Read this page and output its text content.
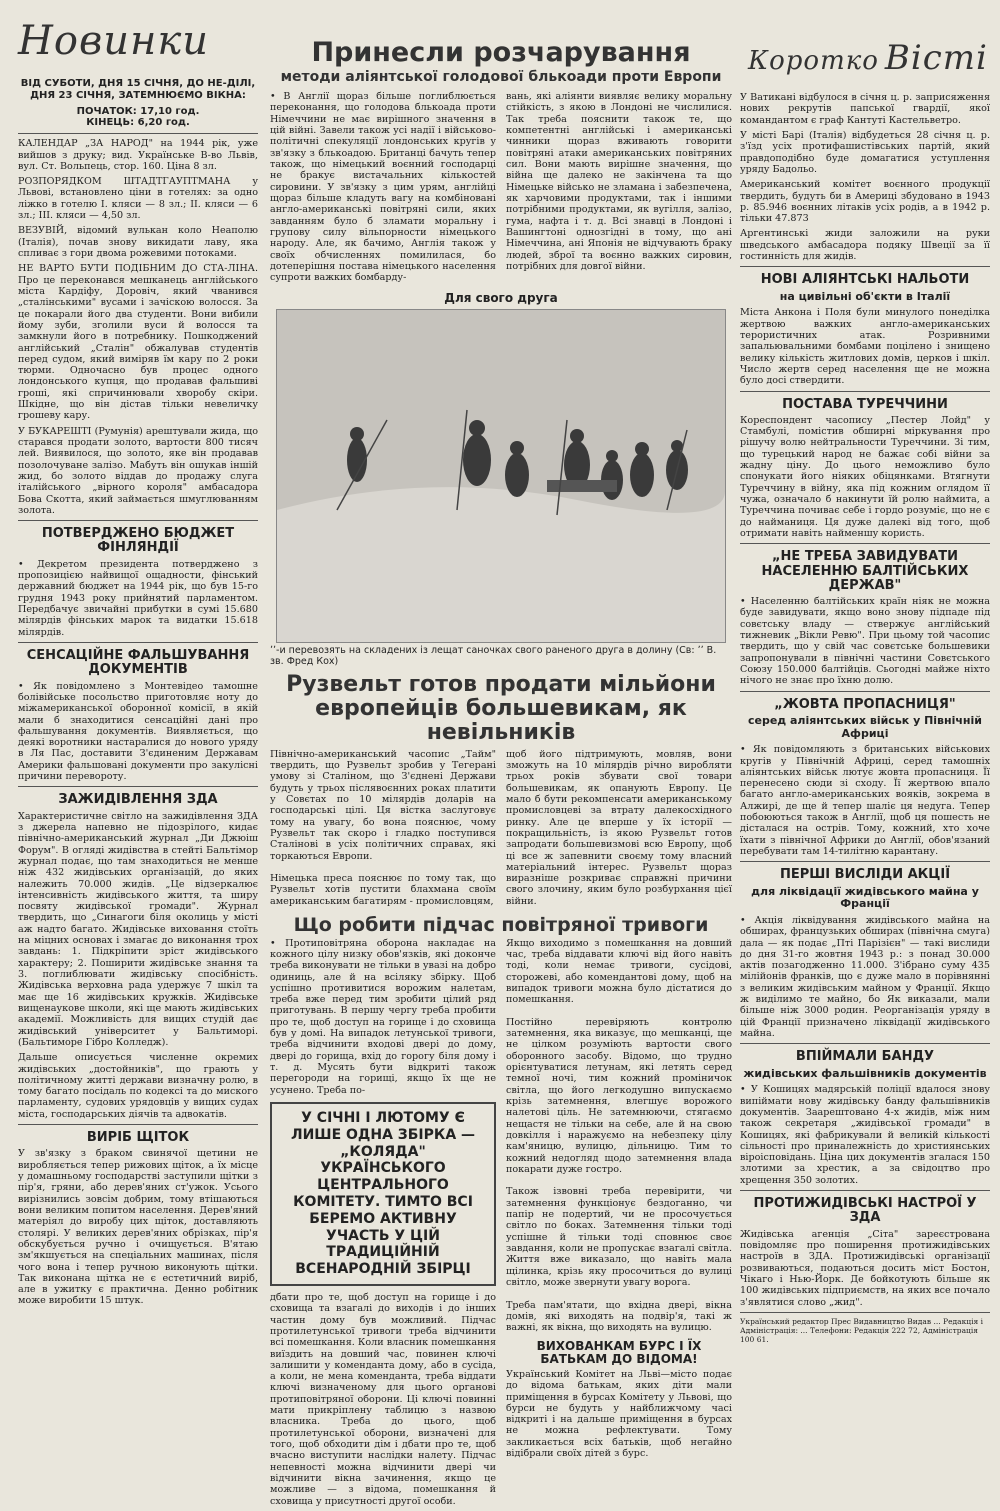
Новинки

ВІД СУБОТИ, ДНЯ 15 СІЧНЯ, ДО НЕ-ДІЛІ, ДНЯ 23 СІЧНЯ, ЗАТЕМНЮЄМО ВІКНА:

ПОЧАТОК: 17,10 год.

КІНЕЦЬ: 6,20 год.

КАЛЕНДАР „ЗА НАРОД" на 1944 рік, уже вийшов з друку; вид. Українське В-во Львів, вул. Ст. Вольпець, стор. 160. Ціна 8 зл.

РОЗПОРЯДКОМ ШТАДТГАУПТМАНА у Львові, встановлено ціни в готелях: за одно ліжко в готелю І. кляси — 8 зл.; ІІ. кляси — 6 зл.; ІІІ. кляси — 4,50 зл.

ВЕЗУВІЙ, відомий вулькан коло Неаполю (Італія), почав знову викидати лаву, яка спливає з гори двома рожевими потоками.

НЕ ВАРТО БУТИ ПОДІБНИМ ДО СТА-ЛІНА. Про це переконався мешканець англійського міста Кардіфу, Доровіч, який чванився „сталінськими" вусами і зачіскою волосся. За це покарали його два студенти. Вони вибили йому зуби, зголили вуси й волосся та замкнули його в потребнику. Пошкоджений англійський „Сталін" обжалував студентів перед судом, який виміряв їм кару по 2 роки тюрми. Одночасно був процес одного лондонського купця, що продавав фальшиві гроші, які спричинювали хворобу скіри. Шкідне, що він дістав тільки невеличку грошеву кару.

У БУКАРЕШТІ (Румунія) арештували жида, що старався продати золото, вартости 800 тисяч лей. Виявилося, що золото, яке він продавав позолочуване залізо. Мабуть він ошукав іншій жид, бо золото віддав до продажу слуга італійського „вірного короля" амбасадора Бова Скотта, який займається шмуглюванням золота.

ПОТВЕРДЖЕНО БЮДЖЕТ ФІНЛЯНДІЇ

• Декретом президента потверджено з пропозицією найвищої ощадности, фінський державний бюджет на 1944 рік, що був 15-го грудня 1943 року прийнятий парламентом. Передбачує звичайні прибутки в сумі 15.680 мілярдів фінських марок та видатки 15.618 мілярдів.

СЕНСАЦІЙНЕ ФАЛЬШУВАННЯ ДОКУМЕНТІВ

• Як повідомлено з Монтевідео тамошне болівійське посольство приготовляє ноту до міжамериканської оборонної комісії, в якій мали б знаходитися сенсаційні дані про фальшування документів. Виявляється, що деякі воротники настаралися до нового уряду в Ля Пас, доставити З'єдиненим Державам Америки фальшовані документи про закулісні причини перевороту.

ЗАЖИДІВЛЕННЯ ЗДА

Характеристичне світло на зажидівлення ЗДА з джерела напевно не підозрілого, кидає північно-американський журнал „Ди Джюіш Форум". В огляді жидівства в стейті Бальтімор журнал подає, що там знаходиться не менше ніж 432 жидівських організацій, до яких належить 70.000 жидів. „Це відзеркалює інтенсивність жидівського життя, та ширу посвяту жидівської громади". Журнал твердить, що „Синагоги біля околиць у місті аж надто багато. Жидівське виховання стоїть на міцних основах і змагає до виконання трох завдань: 1. Підкріпити зріст жидівського характеру; 2. Поширити жидівське знання та 3. поглиблювати жидівську спосібність. Жидівська верховна рада удержує 7 шкіл та має ще 16 жидівських кружків. Жидівське вищенаукове школи, які ще мають жидівських академії. Можливість для вищих студій дає жидівський університет у Бальтиморі. (Бальтиморе Гібро Колледж).

Дальше описується численне окремих жидівських „достойників", що грають у політичному житті держави визначну ролю, в тому багато посідаль по кодексі та до миского парламенту, судових урядовців у вищих судах міста, господарських діячів та адвокатів.

ВИРІБ ЩІТОК

У зв'язку з браком свинячої щетини не виробляється тепер рижових щіток, а їх місце у домашньому господарстві заступили щітки з пір'я, гряни, або дерев'яних ст'ужок. Усього вирізнились зовсім добрим, тому втішаються вони великим попитом населення. Дерев'яний матеріял до виробу цих щіток, доставляють столярі. У великих дерев'яних обрізках, пір'я обскубується ручно і очищується. В'ятаю зм'якшується на спеціальних машинах, після чого вона і тепер ручною виконують щітки. Так виконана щітка не є естетичний виріб, але в ужитку є практична. Денно робітник може виробити 15 штук.

Принесли розчарування
методи аліянтської голодової блькоади проти Европи

• В Англії щораз більше поглиблюється переконання, що голодова блькоада проти Німеччини не має вирішного значення в цій війні. Завели також усі надії і військово-політичні спекуляції лондонських кругів у зв'язку з блькоадою. Британці бачуть тепер також, що німецький воєнний господарці не бракує вистачальних кількостей сировини. У зв'язку з цим урям, англійці щораз більше кладуть вагу на комбіновані англо-американські повітряні сили, яких завданням було б зламати моральну і групову силу вільпорности німецького народу. Але, як бачимо, Англія також у своїх обчисленнях помилилася, бо дотеперішня постава німецького населення супроти важких бомбарду-

вань, які аліянти виявляє велику моральну стійкість, з якою в Лондоні не числилися. Так треба пояснити також те, що компетентні англійські і американські чинники щораз вживають говорити повітряні атаки американських повітряних сил. Вони мають вирішне значення, що війна ще далеко не закінчена та що Німецьке військо не зламана і забезпечена, як харчовими продуктами, так і іншими потрібними продуктами, як вугілля, залізо, гума, нафта і т. д. Всі знавці в Лондоні і Вашингтоні однозгідні в тому, що ані Німеччина, ані Японія не відчувають браку людей, зброї та воєнно важких сировин, потрібних для довгої війни.

Для свого друга
ʼʼ-и перевозять на складених із лещат саночках свого раненого друга в долину (Св: ʼʼ В. зв. Фред Кох)
Рузвельт готов продати мільйони европейців большевикам, як невільників

Північно-американський часопис „Тайм" твердить, що Рузвельт зробив у Тегерані умову зі Сталіном, що З'єднені Держави будуть у трьох післявоєнних роках платити у Совєтах по 10 мілярдів доларів на господарські цілі. Ця вістка заслуговує тому на увагу, бо вона пояснює, чому Рузвельт так скоро і гладко поступився Сталінові в усіх політичних справах, які торкаються Европи.

Німецька преса пояснює по тому так, що Рузвельт хотів пустити блахмана своїм американським багатирям - промисловцям,

щоб його підтримують, мовляв, вони зможуть на 10 мілярдів річно виробляти трьох років збувати свої товари большевикам, як опанують Европу. Це мало б бути рекомпенсати американському промисловцеві за втрату далекосхідного ринку. Але це вперше у їх історії — покращильність, із якою Рузвельт готов запродати большевизмові всю Европу, щоб ці все ж запевнити своєму тому власний матеріальний інтерес. Рузвельт щораз виразніше розкриває справжні причини свого злочину, яким було розбурхання цієї війни.

Що робити підчас повітряної тривоги

• Протиповітряна оборона накладає на кожного цілу низку обов'язків, які доконче треба виконувати не тільки в увазі на добро одиниць, але й на всіляку збірку. Щоб успішно противитися ворожим налетам, треба вже перед тим зробити цілий ряд приготувань. В першу чергу треба пробити про те, щоб доступ на горище і до сховища був у домі. На випадок летунської тривоги, треба відчинити входові двері до дому, двері до горища, вхід до горогу біля дому і т. д. Мусять бути відкриті також перегороди на горищі, якщо їх ще не усунено. Треба по-

У СІЧНІ І ЛЮТОМУ Є ЛИШЕ ОДНА ЗБІРКА — „КОЛЯДА" УКРАЇНСЬКОГО ЦЕНТРАЛЬНОГО КОМІТЕТУ. ТИМТО ВСІ БЕРЕМО АКТИВНУ УЧАСТЬ У ЦІЙ ТРАДИЦІЙНІЙ ВСЕНАРОДНІЙ ЗБІРЦІ

дбати про те, щоб доступ на горище і до сховища та взагалі до виходів і до інших частин дому був можливий. Підчас протилетунської тривоги треба відчинити всі помешкання. Коли власник помешкання виїздить на довший час, повинен ключі залишити у коменданта дому, або в сусіда, а коли, не мена коменданта, треба віддати ключі визначеному для цього органові протиповітряної оборони. Ці ключі повинні мати прикріплену таблицю з назвою власника. Треба до цього, щоб протилетунської оборони, визначені для того, щоб обходити дім і дбати про те, щоб вчасно виступити наслідки налету. Підчас непевності можна відчинити двері чи відчинити вікна зачинення, якщо це можливе — з відома, помешкання й сховища у присутності другої особи.

Якщо виходимо з помешкання на довший час, треба віддавати ключі від його навіть тоді, коли немає тривоги, сусідові, сторожеві, або комендантові дому, щоб на випадок тривоги можна було дістатися до помешкання.

Постійно перевіряють контролю затемнення, яка виказує, що мешканці, ще не цілком розуміють вартости свого оборонного засобу. Відомо, що трудно орієнтуватися летунам, які летять серед темної ночі, тим кожний проміничок світла, що його легкодушно випускаємо крізь затемнення, влегшує ворожого налетові ціль. Не затемнюючи, стягаємо нещастя не тільки на себе, але й на свою довкілля і наражуємо на небезпеку цілу кам'яницю, вулицю, дільницю. Тим то кожний недогляд щодо затемнення влада покарати дуже гостро.

Також ізвовні треба перевірити, чи затемнення функціонує бездоганно, чи папір не подертий, чи не просочується світло по боках. Затемнення тільки тоді успішне й тільки тоді сповнює своє завдання, коли не пропускає взагалі світла. Життя вже виказало, що навіть мала щілинка, крізь яку просочиться до вулиці світло, може звернути увагу ворога.

Треба пам'ятати, що вхідна двері, вікна домів, які виходять на подвір'я, такі ж важні, як вікна, що виходять на вулицю.

ВИХОВАНКАМ БУРС І ЇХ БАТЬКАМ ДО ВІДОМА!

Український Комітет на Льві—місто подає до відома батькам, яких діти мали приміщення в бурсах Комітету у Львові, що бурси не будуть у найближчому часі відкриті і на дальше приміщення в бурсах не можна рефлектувати. Тому закликається всіх батьків, щоб негайно відібрали своїх дітей з бурс.

Коротко Вісті

У Ватикані відбулося в січня ц. р. заприсяження нових рекрутів папської гвардії, якої командантом є граф Кантуті Кастельветро.

У місті Барі (Італія) відбудеться 28 січня ц. р. з'їзд усіх протифашистівських партій, який правдоподібно буде домагатися уступлення уряду Бадольо.

Американський комітет воєнного продукції твердить, будуть би в Америці збудовано в 1943 р. 85.946 воєнних літаків усіх родів, а в 1942 р. тільки 47.873

Аргентинські жиди заложили на руки шведського амбасадора подяку Швеції за її гостинність для жидів.

НОВІ АЛІЯНТСЬКІ НАЛЬОТИ
на цивільні об'єкти в Італії

Міста Анкона і Поля були минулого понеділка жертвою важких англо-американських терористичних атак. Розривними запальювальними бомбами поцілено і знищено велику кількість житлових домів, церков і шкіл. Число жертв серед населення ще не можна було досі ствердити.

ПОСТАВА ТУРЕЧЧИНИ

Кореспондент часопису „Пестер Лойд" у Стамбулі, помістив обширні міркування про рішучу волю нейтральности Туреччини. Зі тим, що турецький народ не бажає собі війни за жадну ціну. До цього неможливо було спонукати його ніяких обіцянками. Втягнути Туреччину в війну, яка під кожним оглядом її чужа, означало б накинути їй ролю наймита, а Туреччина почиває себе і гордо розуміє, що не є до найманиця. Ця дуже далекі від того, щоб отримати навіть найменшу користь.

„НЕ ТРЕБА ЗАВИДУВАТИ НАСЕЛЕННЮ БАЛТІЙСЬКИХ ДЕРЖАВ"

• Населенню балтійських країн ніяк не можна буде завидувати, якщо воно знову підпаде під совєтську владу — ствержує англійський тижневик „Вікли Ревю". При цьому той часопис твердить, що у свій час совєтське большевики запропонували в північні частини Совєтського Союзу 150.000 балтійців. Сьогодні майже ніхто нічого не знає про їхню долю.

„ЖОВТА ПРОПАСНИЦЯ"
серед аліянтських військ у Північній Африці

• Як повідомляють з британських військових кругів у Північній Африці, серед тамошніх аліянтських військ лютує жовта пропасниця. Її перенесено сюди зі сходу. Її жертвою впало багато англо-американських вояків, зокрема в Алжирі, де ще й тепер шаліє ця недуга. Тепер побоюються також в Англії, щоб ця пошесть не дісталася на острів. Тому, кожний, хто хоче їхати з північної Африки до Англії, обов'язаний перебувати там 14-тилітню карантану.

ПЕРШІ ВИСЛІДИ АКЦІЇ
для ліквідації жидівського майна у Франції

• Акція ліквідування жидівського майна на обширах, французьких обширах (північна смуга) дала — як подає „Пті Парізієн" — такі вислиди до дня 31-го жовтня 1943 р.: з понад 30.000 актів позагодженно 11.000. З'ібрано суму 435 мілійонів франків, що є дуже мало в порівнянні з великим жидівським майном у Франції. Якщо ж виділимо те майно, бо Як виказали, мали більше ніж 3000 родин. Реорганізація уряду в цій Франції призначено ліквідації жидівського майна.

ВПІЙМАЛИ БАНДУ
жидівських фальшівників документів

• У Кошицях мадярській поліції вдалося знову випіймати нову жидівську банду фальшівників документів. Заарештовано 4-х жидів, між ним також секретаря „жидівської громади" в Кошицях, які фабрикували й великій кількості сільності про приналежність до християнських віроісповідань. Ціна цих документів згалася 150 злотими за хрестик, а за свідоцтво про хрещення 350 золотих.

ПРОТИЖИДІВСЬКІ НАСТРОЇ У ЗДА

Жидівська агенція „Сіта" зареєстрована повідомляє про поширення протижидівських настроїв в ЗДА. Протижидівські організації розвиваються, подаються досить міст Бостон, Чікаго і Нью-Йорк. Де бойкотують більше як 100 жидівських підприємств, на яких все почало з'являтися слово „жид".

Український редактор Прес Видавництво Видав ... Редакція і Адміністрація: ... Телефони: Редакція 222 72, Адміністрація 100 61.
